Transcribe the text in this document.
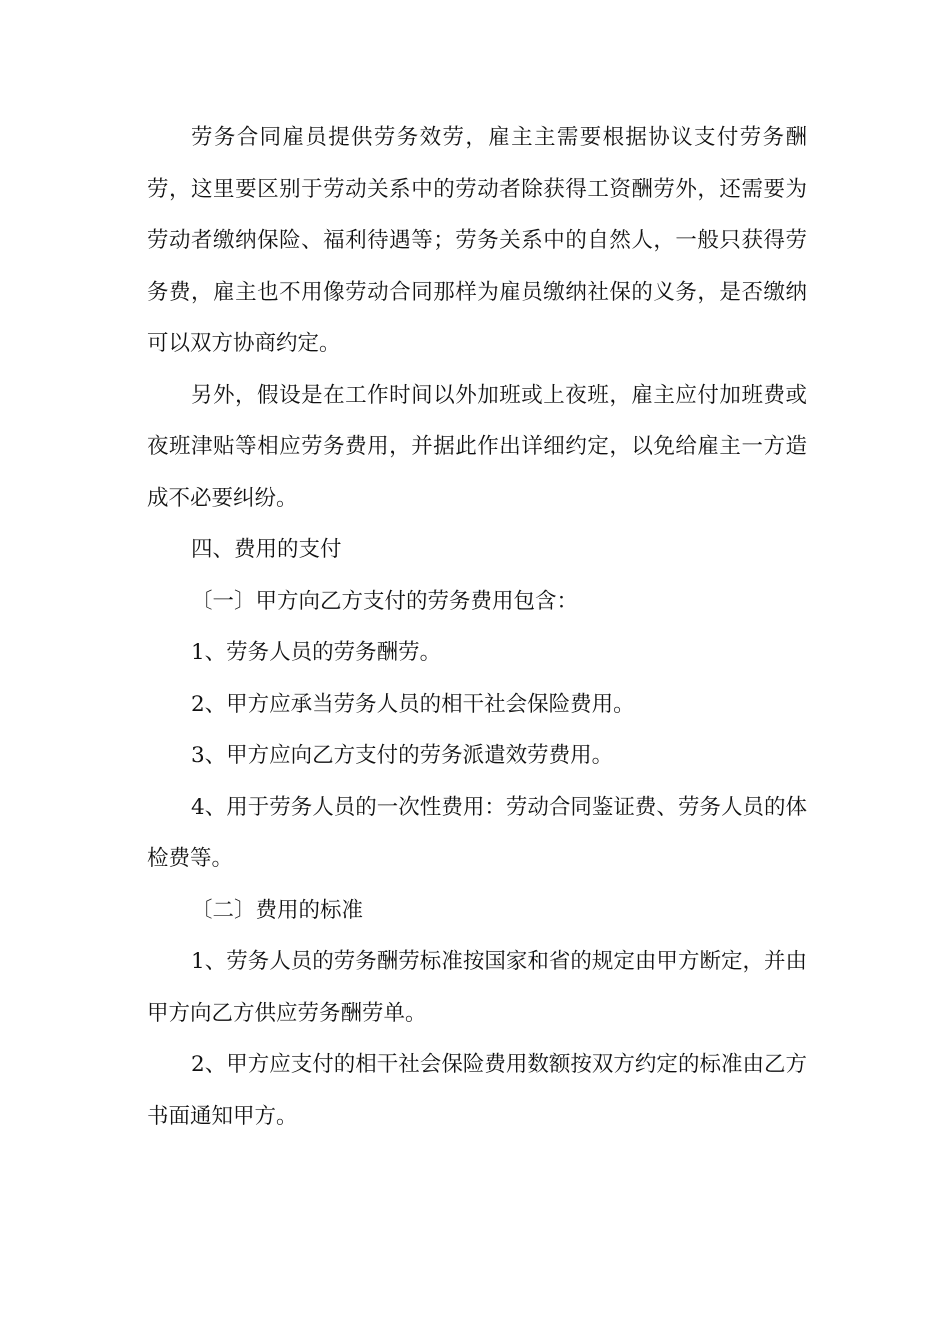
劳务合同雇员提供劳务效劳，雇主主需要根据协议支付劳务酬劳，这里要区别于劳动关系中的劳动者除获得工资酬劳外，还需要为劳动者缴纳保险、福利待遇等；劳务关系中的自然人，一般只获得劳务费，雇主也不用像劳动合同那样为雇员缴纳社保的义务，是否缴纳可以双方协商约定。

另外，假设是在工作时间以外加班或上夜班，雇主应付加班费或夜班津贴等相应劳务费用，并据此作出详细约定，以免给雇主一方造成不必要纠纷。

四、费用的支付

〔一〕甲方向乙方支付的劳务费用包含：

1、劳务人员的劳务酬劳。

2、甲方应承当劳务人员的相干社会保险费用。

3、甲方应向乙方支付的劳务派遣效劳费用。

4、用于劳务人员的一次性费用：劳动合同鉴证费、劳务人员的体检费等。

〔二〕费用的标准

1、劳务人员的劳务酬劳标准按国家和省的规定由甲方断定，并由甲方向乙方供应劳务酬劳单。

2、甲方应支付的相干社会保险费用数额按双方约定的标准由乙方书面通知甲方。
